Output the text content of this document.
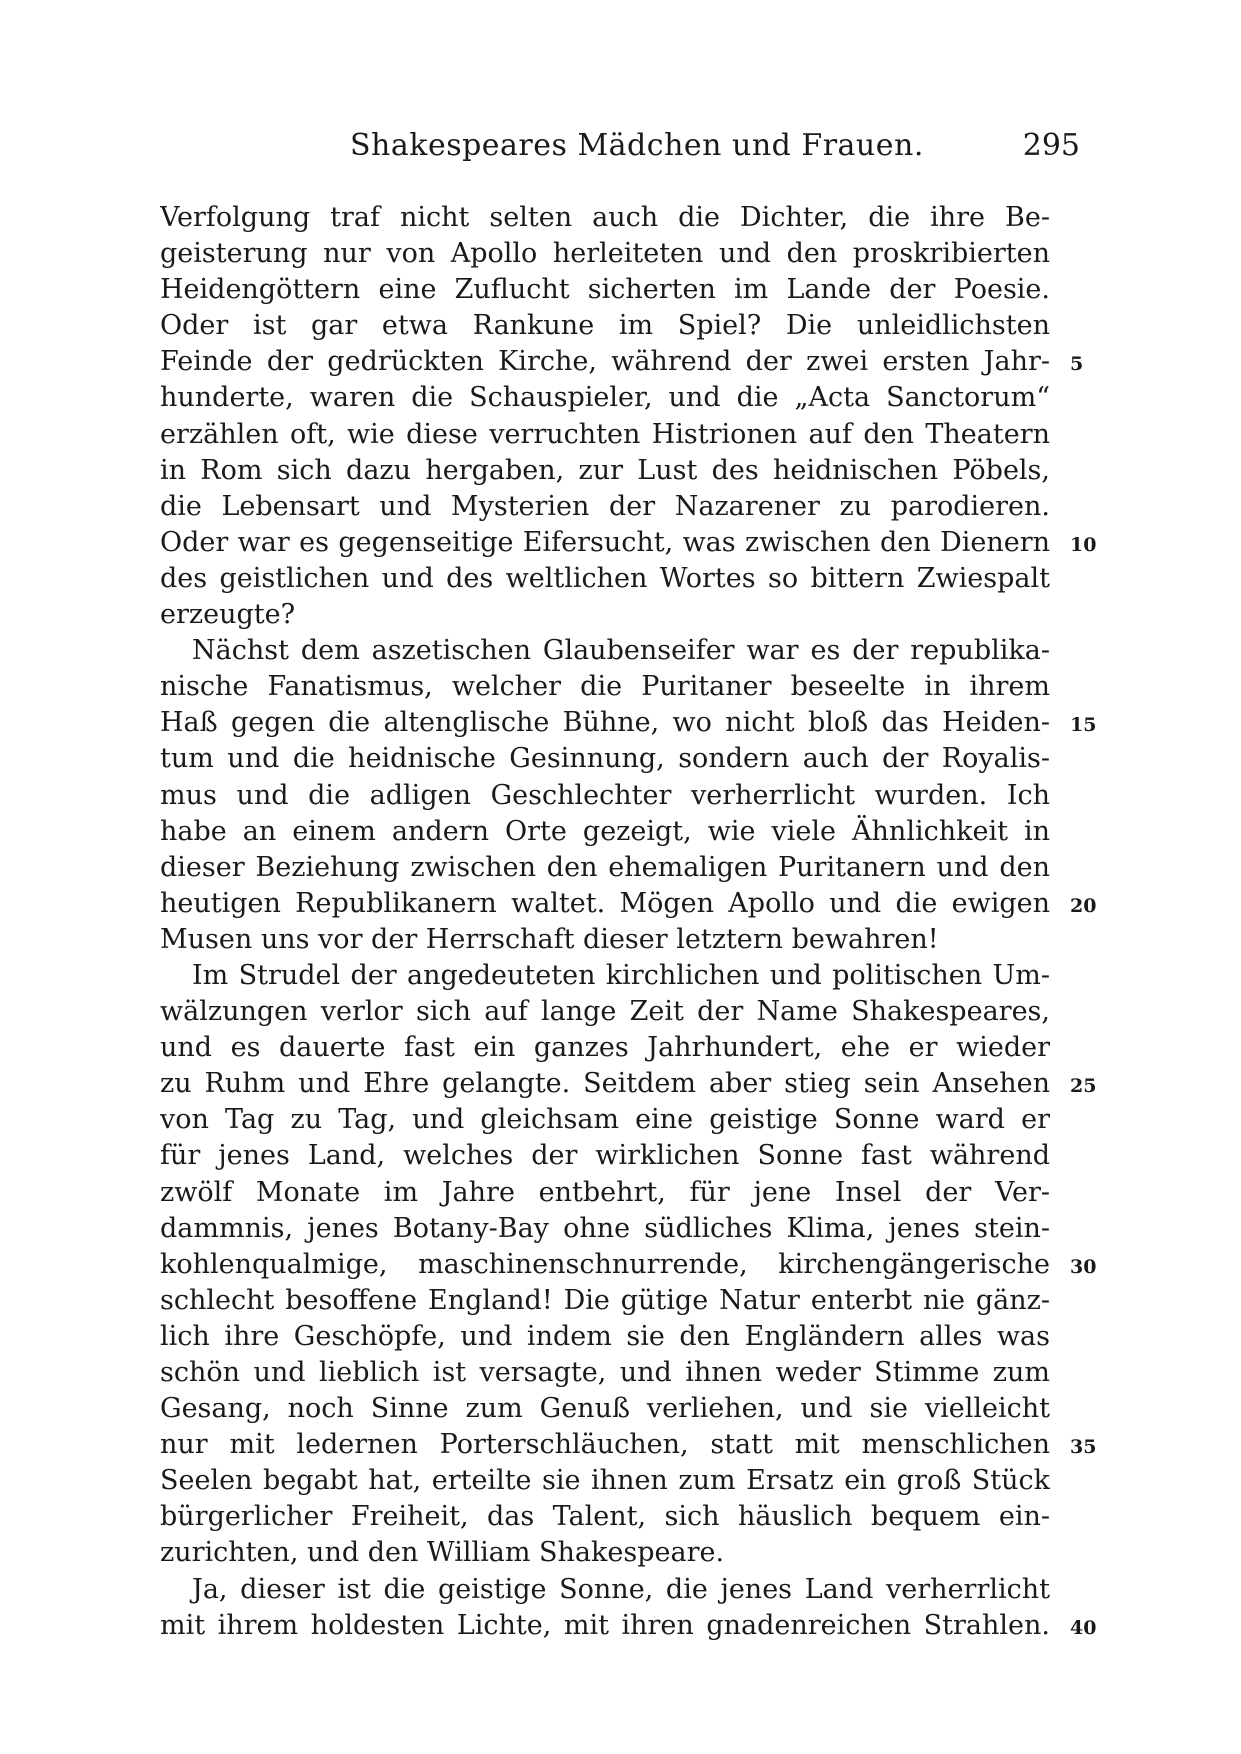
Shakespeares Mädchen und Frauen.	295
Verfolgung traf nicht selten auch die Dichter, die ihre Be-
geisterung nur von Apollo herleiteten und den proskribierten
Heidengöttern eine Zuflucht sicherten im Lande der Poesie.
Oder ist gar etwa Rankune im Spiel? Die unleidlichsten
Feinde der gedrückten Kirche, während der zwei ersten Jahr- 5
hunderte, waren die Schauspieler, und die „Acta Sanctorum“
erzählen oft, wie diese verruchten Histrionen auf den Theatern
in Rom sich dazu hergaben, zur Lust des heidnischen Pöbels,
die Lebensart und Mysterien der Nazarener zu parodieren.
Oder war es gegenseitige Eifersucht, was zwischen den Dienern 10
des geistlichen und des weltlichen Wortes so bittern Zwiespalt
erzeugte?
Nächst dem aszetischen Glaubenseifer war es der republika-
nische Fanatismus, welcher die Puritaner beseelte in ihrem
Haß gegen die altenglische Bühne, wo nicht bloß das Heiden- 15
tum und die heidnische Gesinnung, sondern auch der Royalis-
mus und die adligen Geschlechter verherrlicht wurden. Ich
habe an einem andern Orte gezeigt, wie viele Ähnlichkeit in
dieser Beziehung zwischen den ehemaligen Puritanern und den
heutigen Republikanern waltet. Mögen Apollo und die ewigen 20
Musen uns vor der Herrschaft dieser letztern bewahren!
Im Strudel der angedeuteten kirchlichen und politischen Um-
wälzungen verlor sich auf lange Zeit der Name Shakespeares,
und es dauerte fast ein ganzes Jahrhundert, ehe er wieder
zu Ruhm und Ehre gelangte. Seitdem aber stieg sein Ansehen 25
von Tag zu Tag, und gleichsam eine geistige Sonne ward er
für jenes Land, welches der wirklichen Sonne fast während
zwölf Monate im Jahre entbehrt, für jene Insel der Ver-
dammnis, jenes Botany-Bay ohne südliches Klima, jenes stein-
kohlenqualmige, maschinenschnurrende, kirchengängerische 30
schlecht besoffene England! Die gütige Natur enterbt nie gänz-
lich ihre Geschöpfe, und indem sie den Engländern alles was
schön und lieblich ist versagte, und ihnen weder Stimme zum
Gesang, noch Sinne zum Genuß verliehen, und sie vielleicht
nur mit ledernen Porterschläuchen, statt mit menschlichen 35
Seelen begabt hat, erteilte sie ihnen zum Ersatz ein groß Stück
bürgerlicher Freiheit, das Talent, sich häuslich bequem ein-
zurichten, und den William Shakespeare.
Ja, dieser ist die geistige Sonne, die jenes Land verherrlicht
mit ihrem holdesten Lichte, mit ihren gnadenreichen Strahlen. 40
